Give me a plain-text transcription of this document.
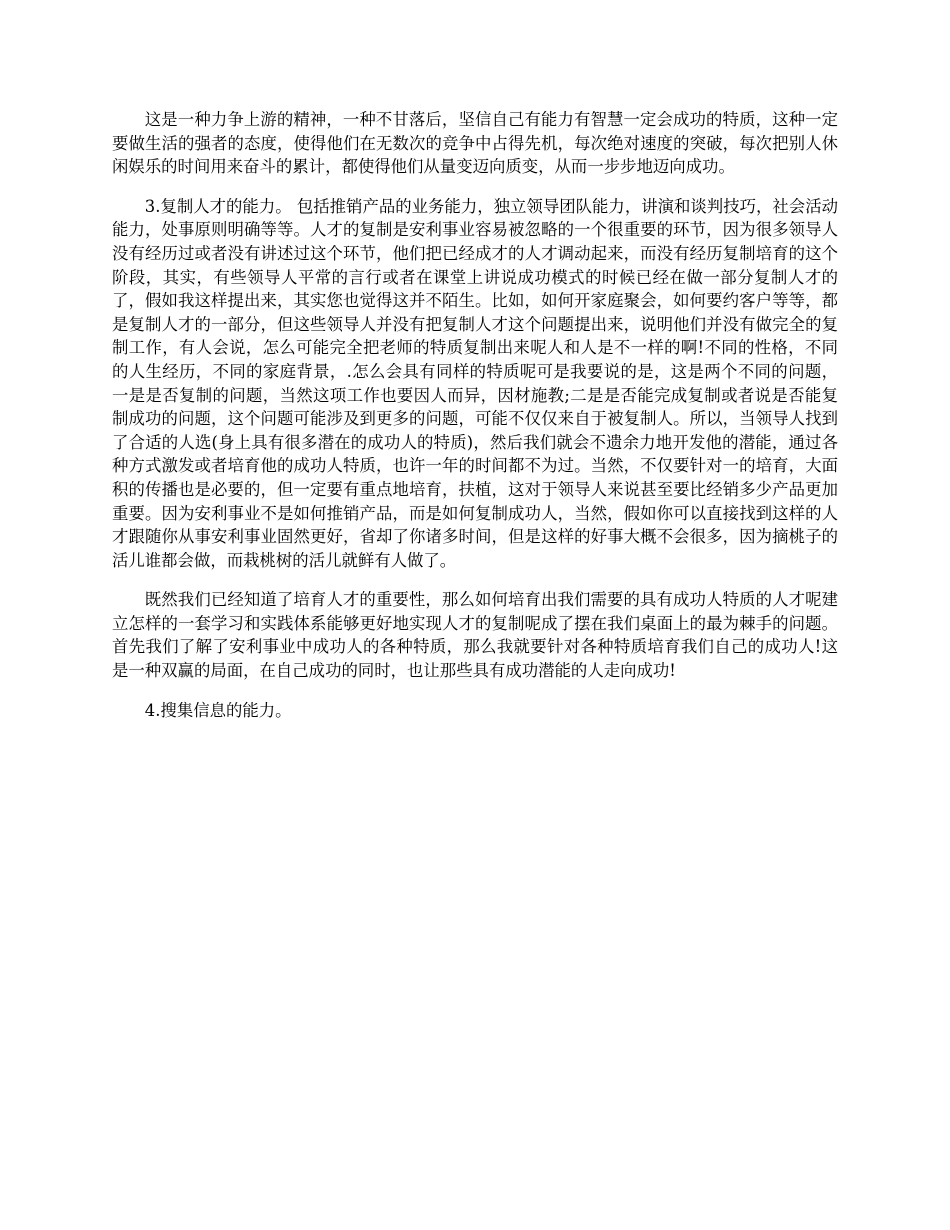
这是一种力争上游的精神，一种不甘落后，坚信自己有能力有智慧一定会成功的特质，这种一定要做生活的强者的态度，使得他们在无数次的竞争中占得先机，每次绝对速度的突破，每次把别人休闲娱乐的时间用来奋斗的累计，都使得他们从量变迈向质变，从而一步步地迈向成功。

3.复制人才的能力。 包括推销产品的业务能力，独立领导团队能力，讲演和谈判技巧，社会活动能力，处事原则明确等等。人才的复制是安利事业容易被忽略的一个很重要的环节，因为很多领导人没有经历过或者没有讲述过这个环节，他们把已经成才的人才调动起来，而没有经历复制培育的这个阶段，其实，有些领导人平常的言行或者在课堂上讲说成功模式的时候已经在做一部分复制人才的了，假如我这样提出来，其实您也觉得这并不陌生。比如，如何开家庭聚会，如何要约客户等等，都是复制人才的一部分，但这些领导人并没有把复制人才这个问题提出来，说明他们并没有做完全的复制工作，有人会说，怎么可能完全把老师的特质复制出来呢人和人是不一样的啊!不同的性格，不同的人生经历，不同的家庭背景，.怎么会具有同样的特质呢可是我要说的是，这是两个不同的问题，一是是否复制的问题，当然这项工作也要因人而异，因材施教;二是是否能完成复制或者说是否能复制成功的问题，这个问题可能涉及到更多的问题，可能不仅仅来自于被复制人。所以，当领导人找到了合适的人选(身上具有很多潜在的成功人的特质)，然后我们就会不遗余力地开发他的潜能，通过各种方式激发或者培育他的成功人特质，也许一年的时间都不为过。当然，不仅要针对一的培育，大面积的传播也是必要的，但一定要有重点地培育，扶植，这对于领导人来说甚至要比经销多少产品更加重要。因为安利事业不是如何推销产品，而是如何复制成功人，当然，假如你可以直接找到这样的人才跟随你从事安利事业固然更好，省却了你诸多时间，但是这样的好事大概不会很多，因为摘桃子的活儿谁都会做，而栽桃树的活儿就鲜有人做了。

既然我们已经知道了培育人才的重要性，那么如何培育出我们需要的具有成功人特质的人才呢建立怎样的一套学习和实践体系能够更好地实现人才的复制呢成了摆在我们桌面上的最为棘手的问题。首先我们了解了安利事业中成功人的各种特质，那么我就要针对各种特质培育我们自己的成功人!这是一种双赢的局面，在自己成功的同时，也让那些具有成功潜能的人走向成功!

4.搜集信息的能力。
